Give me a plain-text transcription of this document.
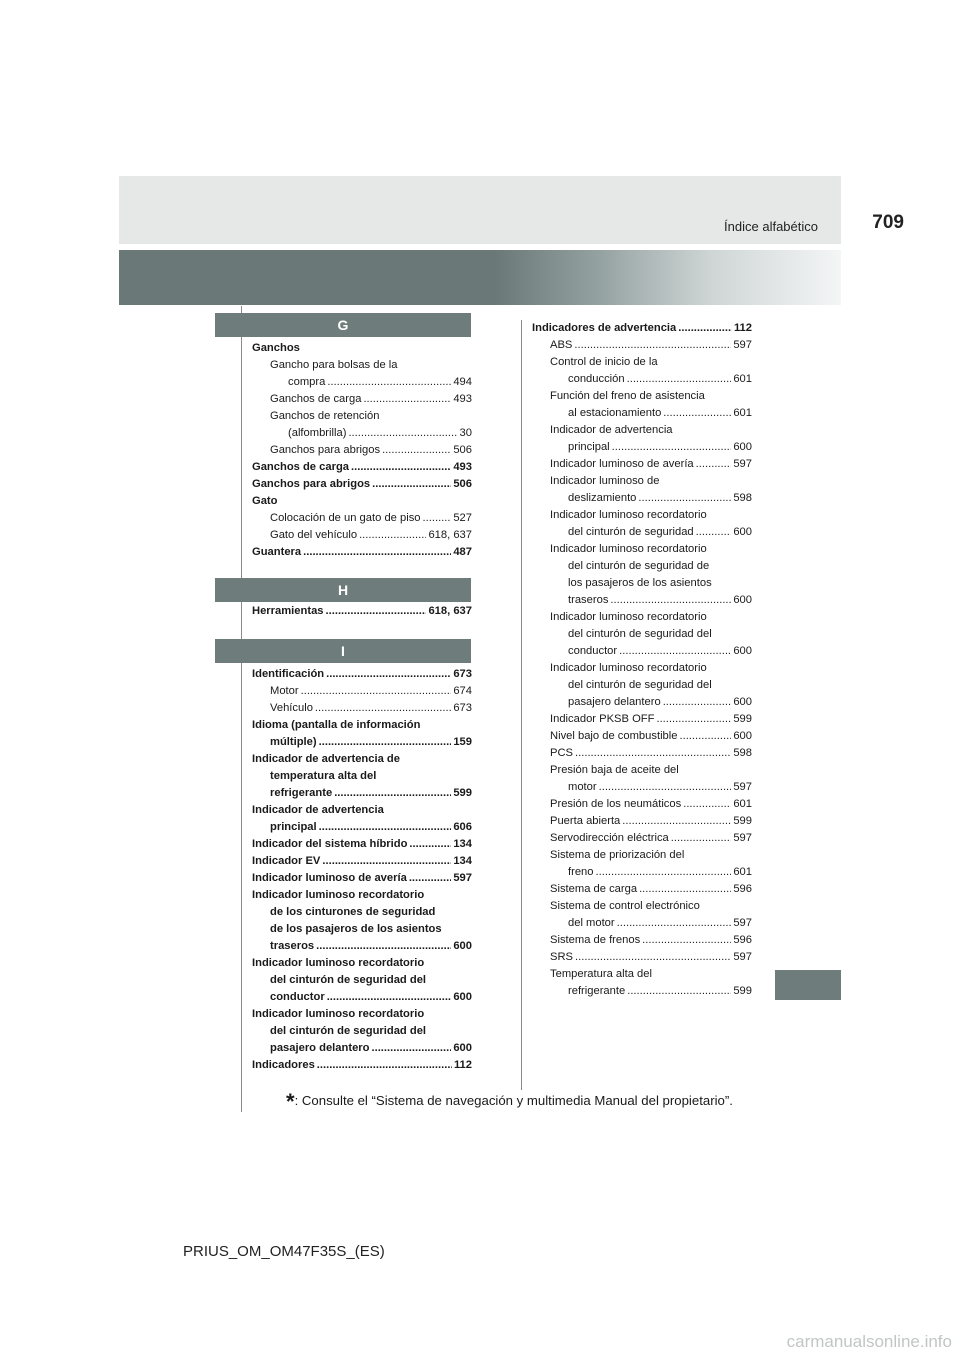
709
Índice alfabético
G
Ganchos
Gancho para bolsas de la
compra .....	494
Ganchos de carga .....	493
Ganchos de retención
(alfombrilla) .....	30
Ganchos para abrigos .....	506
Ganchos de carga .....	493
Ganchos para abrigos .....	506
Gato
Colocación de un gato de piso .....	527
Gato del vehículo .....	618, 637
Guantera .....	487
H
Herramientas .....	618, 637
I
Identificación .....	673
Motor .....	674
Vehículo .....	673
Idioma (pantalla de información
múltiple) .....	159
Indicador de advertencia de
temperatura alta del
refrigerante .....	599
Indicador de advertencia
principal .....	606
Indicador del sistema híbrido .....	134
Indicador EV .....	134
Indicador luminoso de avería .....	597
Indicador luminoso recordatorio
de los cinturones de seguridad
de los pasajeros de los asientos
traseros .....	600
Indicador luminoso recordatorio
del cinturón de seguridad del
conductor .....	600
Indicador luminoso recordatorio
del cinturón de seguridad del
pasajero delantero .....	600
Indicadores .....	112
Indicadores de advertencia .....	112
ABS .....	597
Control de inicio de la
conducción .....	601
Función del freno de asistencia
al estacionamiento .....	601
Indicador de advertencia
principal .....	600
Indicador luminoso de avería .....	597
Indicador luminoso de
deslizamiento .....	598
Indicador luminoso recordatorio
del cinturón de seguridad .....	600
Indicador luminoso recordatorio
del cinturón de seguridad de
los pasajeros de los asientos
traseros .....	600
Indicador luminoso recordatorio
del cinturón de seguridad del
conductor .....	600
Indicador luminoso recordatorio
del cinturón de seguridad del
pasajero delantero .....	600
Indicador PKSB OFF .....	599
Nivel bajo de combustible .....	600
PCS .....	598
Presión baja de aceite del
motor .....	597
Presión de los neumáticos .....	601
Puerta abierta .....	599
Servodirección eléctrica .....	597
Sistema de priorización del
freno .....	601
Sistema de carga .....	596
Sistema de control electrónico
del motor .....	597
Sistema de frenos .....	596
SRS .....	597
Temperatura alta del
refrigerante .....	599
*: Consulte el “Sistema de navegación y multimedia Manual del propietario”.
PRIUS_OM_OM47F35S_(ES)
carmanualsonline.info
